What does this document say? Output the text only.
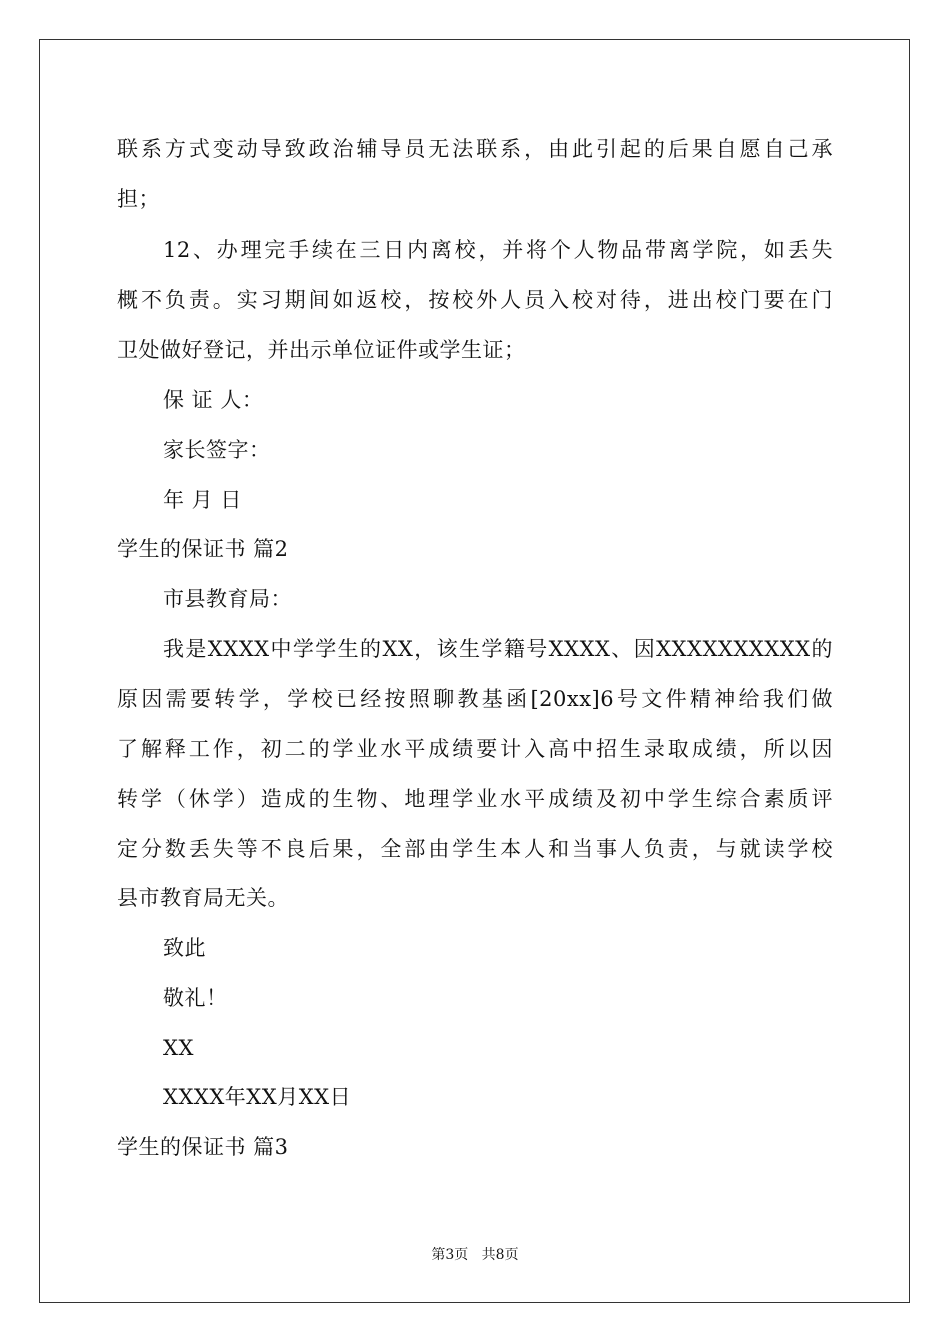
联系方式变动导致政治辅导员无法联系，由此引起的后果自愿自己承
担；
12、办理完手续在三日内离校，并将个人物品带离学院，如丢失
概不负责。实习期间如返校，按校外人员入校对待，进出校门要在门
卫处做好登记，并出示单位证件或学生证；
保 证 人：
家长签字：
年 月 日
学生的保证书 篇2
市县教育局：
我是XXXX中学学生的XX，该生学籍号XXXX、因XXXXXXXXXX的
原因需要转学，学校已经按照聊教基函[20xx]6号文件精神给我们做
了解释工作，初二的学业水平成绩要计入高中招生录取成绩，所以因
转学（休学）造成的生物、地理学业水平成绩及初中学生综合素质评
定分数丢失等不良后果，全部由学生本人和当事人负责，与就读学校
县市教育局无关。
致此
敬礼！
XX
XXXX年XX月XX日
学生的保证书 篇3
第3页 共8页
